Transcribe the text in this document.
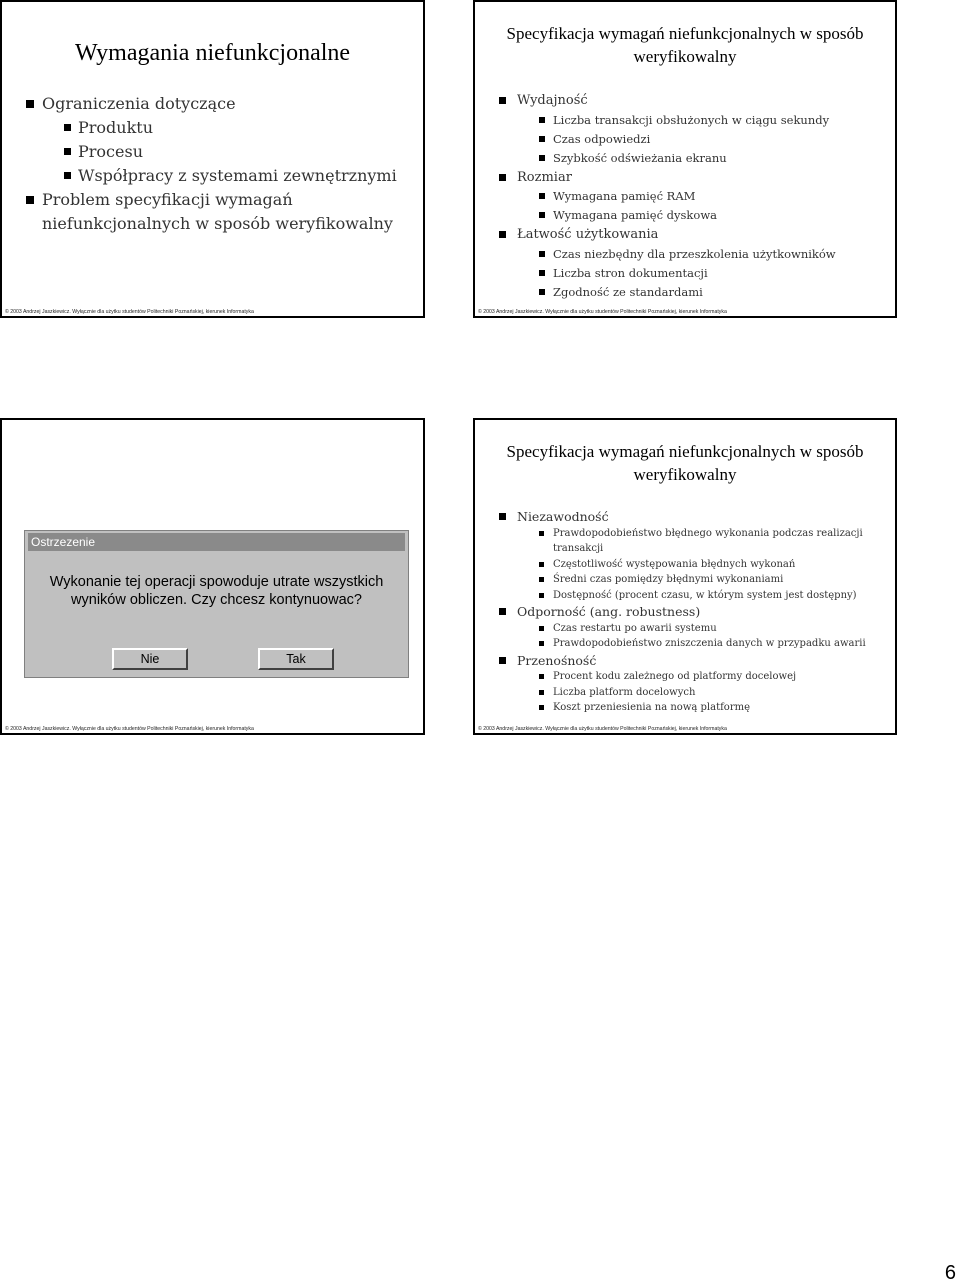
Wymagania niefunkcjonalne
Ograniczenia dotyczące
Produktu
Procesu
Współpracy z systemami zewnętrznymi
Problem specyfikacji wymagań niefunkcjonalnych w sposób weryfikowalny
© 2003 Andrzej Jaszkiewicz. Wyłącznie dla użytku studentów Politechniki Poznańskiej, kierunek Informatyka
Specyfikacja wymagań niefunkcjonalnych w sposób weryfikowalny
Wydajność
Liczba transakcji obsłużonych w ciągu sekundy
Czas odpowiedzi
Szybkość odświeżania ekranu
Rozmiar
Wymagana pamięć RAM
Wymagana pamięć dyskowa
Łatwość użytkowania
Czas niezbędny dla przeszkolenia użytkowników
Liczba stron dokumentacji
Zgodność ze standardami
© 2003 Andrzej Jaszkiewicz. Wyłącznie dla użytku studentów Politechniki Poznańskiej, kierunek Informatyka
Ostrzezenie
Wykonanie tej operacji spowoduje utrate wszystkich wyników obliczen. Czy chcesz kontynuowac?
Nie	Tak
© 2003 Andrzej Jaszkiewicz. Wyłącznie dla użytku studentów Politechniki Poznańskiej, kierunek Informatyka
Specyfikacja wymagań niefunkcjonalnych w sposób weryfikowalny
Niezawodność
Prawdopodobieństwo błędnego wykonania podczas realizacji transakcji
Częstotliwość występowania błędnych wykonań
Średni czas pomiędzy błędnymi wykonaniami
Dostępność (procent czasu, w którym system jest dostępny)
Odporność (ang. robustness)
Czas restartu po awarii systemu
Prawdopodobieństwo zniszczenia danych w przypadku awarii
Przenośność
Procent kodu zależnego od platformy docelowej
Liczba platform docelowych
Koszt przeniesienia na nową platformę
© 2003 Andrzej Jaszkiewicz. Wyłącznie dla użytku studentów Politechniki Poznańskiej, kierunek Informatyka
6
